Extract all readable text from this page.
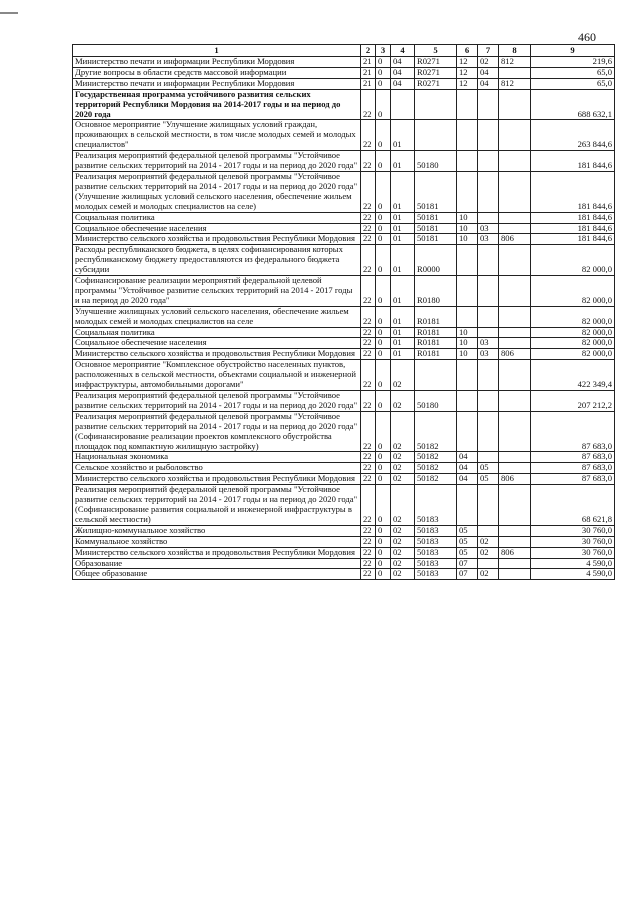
460
1	2	3	4	5	6	7	8	9
Министерство печати и информации Республики Мордовия	21	0	04	R0271	12	02	812	219,6
Другие вопросы в области средств массовой информации	21	0	04	R0271	12	04		65,0
Министерство печати и информации Республики Мордовия	21	0	04	R0271	12	04	812	65,0
Государственная программа устойчивого развития сельских территорий Республики Мордовия на 2014-2017 годы и на период до 2020 года	22	0						688 632,1
Основное мероприятие "Улучшение жилищных условий граждан, проживающих в сельской местности, в том числе молодых семей и молодых специалистов"	22	0	01					263 844,6
Реализация мероприятий федеральной целевой программы "Устойчивое развитие сельских территорий на 2014 - 2017 годы и на период до 2020 года"	22	0	01	50180				181 844,6
Реализация мероприятий федеральной целевой программы "Устойчивое развитие сельских территорий на 2014 - 2017 годы и на период до 2020 года" (Улучшение жилищных условий сельского населения, обеспечение жильем молодых семей и молодых специалистов на селе)	22	0	01	50181				181 844,6
Социальная политика	22	0	01	50181	10			181 844,6
Социальное обеспечение населения	22	0	01	50181	10	03		181 844,6
Министерство сельского хозяйства и продовольствия Республики Мордовия	22	0	01	50181	10	03	806	181 844,6
Расходы республиканского бюджета, в целях софинансирования которых республиканскому бюджету предоставляются из федерального бюджета субсидии	22	0	01	R0000				82 000,0
Софинансирование реализации мероприятий федеральной целевой программы "Устойчивое развитие сельских территорий на 2014 - 2017 годы и на период до 2020 года"	22	0	01	R0180				82 000,0
Улучшение жилищных условий сельского населения, обеспечение жильем молодых семей и молодых специалистов на селе	22	0	01	R0181				82 000,0
Социальная политика	22	0	01	R0181	10			82 000,0
Социальное обеспечение населения	22	0	01	R0181	10	03		82 000,0
Министерство сельского хозяйства и продовольствия Республики Мордовия	22	0	01	R0181	10	03	806	82 000,0
Основное мероприятие "Комплексное обустройство населенных пунктов, расположенных в сельской местности, объектами социальной и инженерной инфраструктуры, автомобильными дорогами"	22	0	02					422 349,4
Реализация мероприятий федеральной целевой программы "Устойчивое развитие сельских территорий на 2014 - 2017 годы и на период до 2020 года"	22	0	02	50180				207 212,2
Реализация мероприятий федеральной целевой программы "Устойчивое развитие сельских территорий на 2014 - 2017 годы и на период до 2020 года" (Софинансирование реализации проектов комплексного обустройства площадок под компактную жилищную застройку)	22	0	02	50182				87 683,0
Национальная экономика	22	0	02	50182	04			87 683,0
Сельское хозяйство и рыболовство	22	0	02	50182	04	05		87 683,0
Министерство сельского хозяйства и продовольствия Республики Мордовия	22	0	02	50182	04	05	806	87 683,0
Реализация мероприятий федеральной целевой программы "Устойчивое развитие сельских территорий на 2014 - 2017 годы и на период до 2020 года" (Софинансирование развития социальной и инженерной инфраструктуры в сельской местности)	22	0	02	50183				68 621,8
Жилищно-коммунальное хозяйство	22	0	02	50183	05			30 760,0
Коммунальное хозяйство	22	0	02	50183	05	02		30 760,0
Министерство сельского хозяйства и продовольствия Республики Мордовия	22	0	02	50183	05	02	806	30 760,0
Образование	22	0	02	50183	07			4 590,0
Общее образование	22	0	02	50183	07	02		4 590,0
